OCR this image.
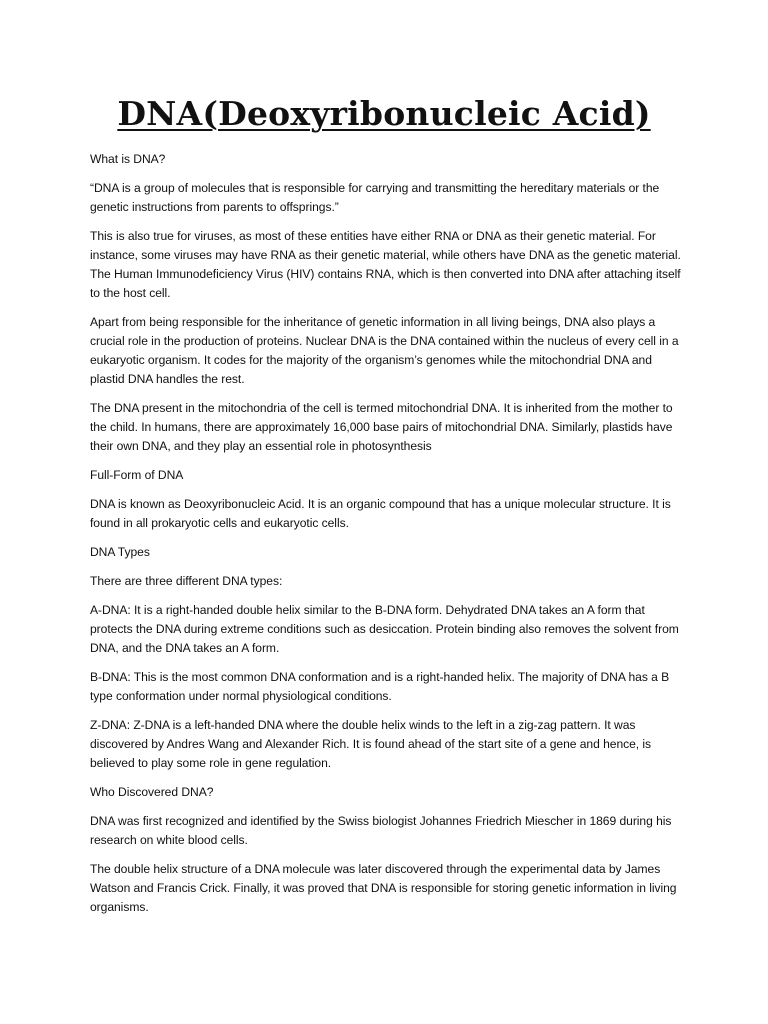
DNA(Deoxyribonucleic Acid)

What is DNA?

“DNA is a group of molecules that is responsible for carrying and transmitting the hereditary materials or the genetic instructions from parents to offsprings.”

This is also true for viruses, as most of these entities have either RNA or DNA as their genetic material. For instance, some viruses may have RNA as their genetic material, while others have DNA as the genetic material. The Human Immunodeficiency Virus (HIV) contains RNA, which is then converted into DNA after attaching itself to the host cell.

Apart from being responsible for the inheritance of genetic information in all living beings, DNA also plays a crucial role in the production of proteins. Nuclear DNA is the DNA contained within the nucleus of every cell in a eukaryotic organism. It codes for the majority of the organism’s genomes while the mitochondrial DNA and plastid DNA handles the rest.

The DNA present in the mitochondria of the cell is termed mitochondrial DNA. It is inherited from the mother to the child. In humans, there are approximately 16,000 base pairs of mitochondrial DNA. Similarly, plastids have their own DNA, and they play an essential role in photosynthesis

Full-Form of DNA

DNA is known as Deoxyribonucleic Acid. It is an organic compound that has a unique molecular structure. It is found in all prokaryotic cells and eukaryotic cells.

DNA Types

There are three different DNA types:

A-DNA: It is a right-handed double helix similar to the B-DNA form. Dehydrated DNA takes an A form that protects the DNA during extreme conditions such as desiccation. Protein binding also removes the solvent from DNA, and the DNA takes an A form.

B-DNA: This is the most common DNA conformation and is a right-handed helix. The majority of DNA has a B type conformation under normal physiological conditions.

Z-DNA: Z-DNA is a left-handed DNA where the double helix winds to the left in a zig-zag pattern. It was discovered by Andres Wang and Alexander Rich. It is found ahead of the start site of a gene and hence, is believed to play some role in gene regulation.

Who Discovered DNA?

DNA was first recognized and identified by the Swiss biologist Johannes Friedrich Miescher in 1869 during his research on white blood cells.

The double helix structure of a DNA molecule was later discovered through the experimental data by James Watson and Francis Crick. Finally, it was proved that DNA is responsible for storing genetic information in living organisms.
